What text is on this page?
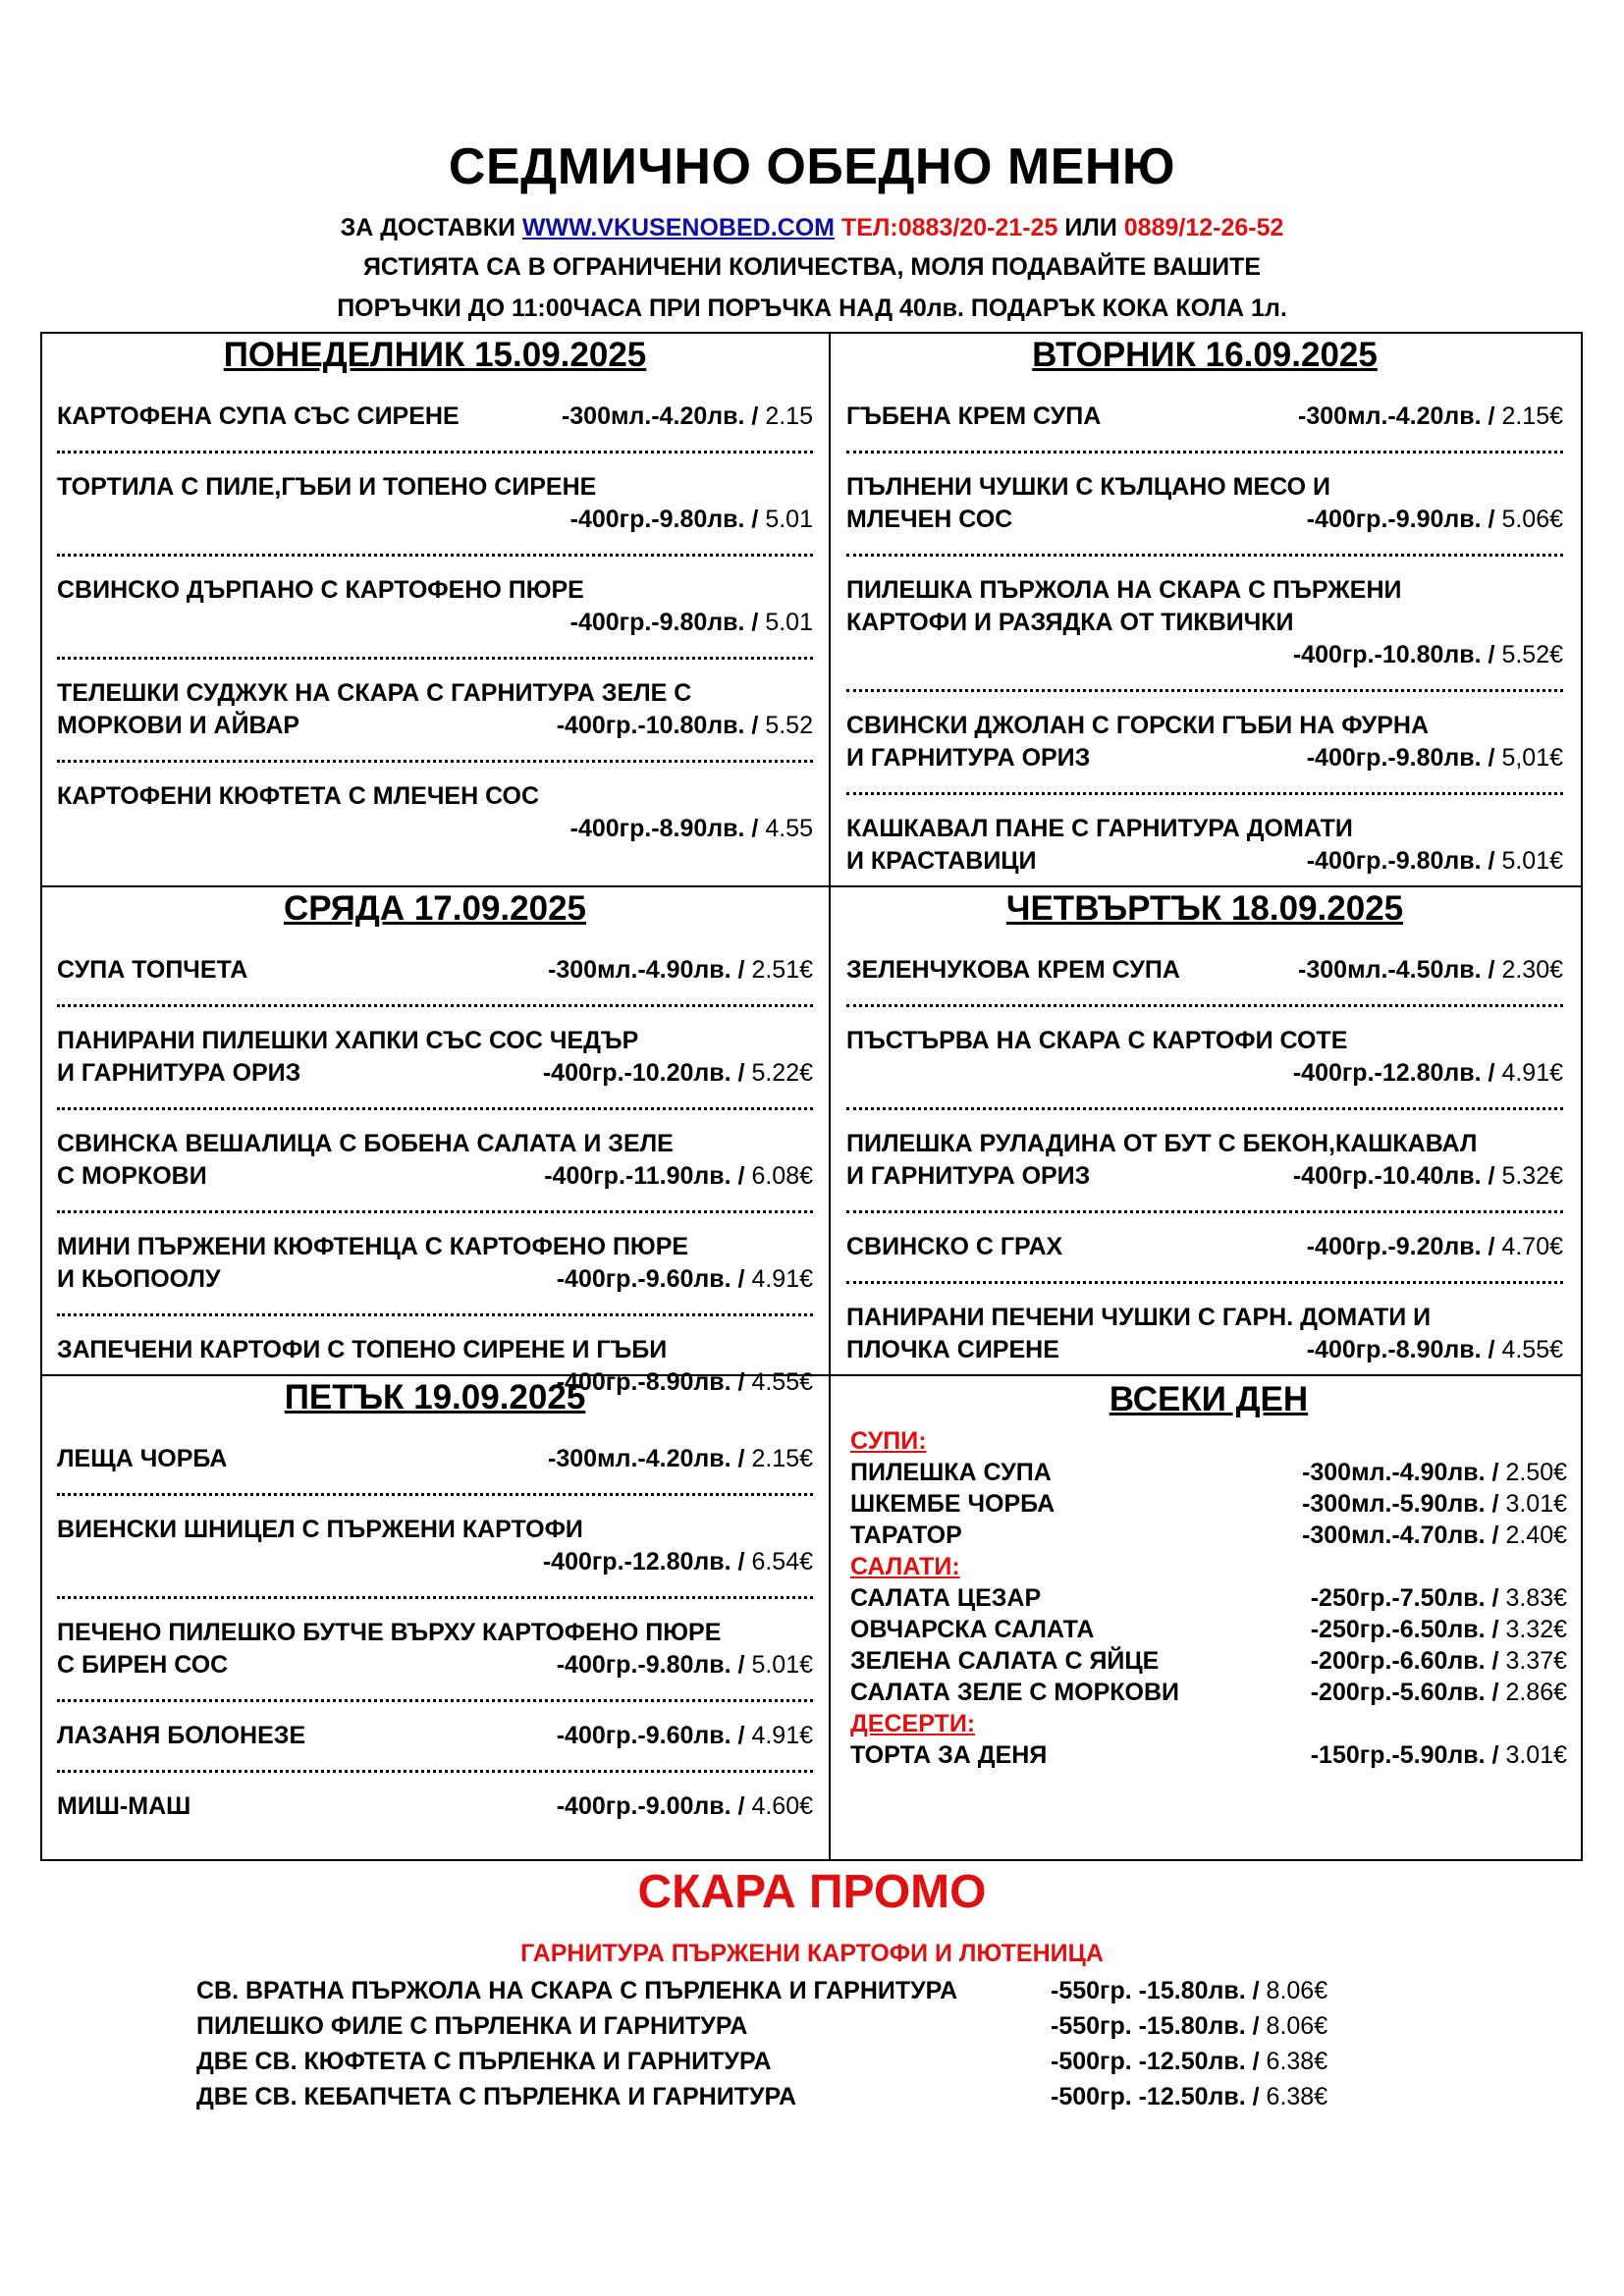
СЕДМИЧНО ОБЕДНО МЕНЮ
ЗА ДОСТАВКИ WWW.VKUSENOBED.COM ТЕЛ:0883/20-21-25 ИЛИ 0889/12-26-52
ЯСТИЯТА СА В ОГРАНИЧЕНИ КОЛИЧЕСТВА, МОЛЯ ПОДАВАЙТЕ ВАШИТЕ
ПОРЪЧКИ ДО 11:00ЧАСА ПРИ ПОРЪЧКА НАД 40лв. ПОДАРЪК КОКА КОЛА 1л.
ПОНЕДЕЛНИК 15.09.2025
КАРТОФЕНА СУПА СЪС СИРЕНЕ	-300мл.-4.20лв. / 2.15
ТОРТИЛА С ПИЛЕ,ГЪБИ И ТОПЕНО СИРЕНЕ
-400гр.-9.80лв. / 5.01
СВИНСКО ДЪРПАНО С КАРТОФЕНО ПЮРЕ
-400гр.-9.80лв. / 5.01
ТЕЛЕШКИ СУДЖУК НА СКАРА С ГАРНИТУРА ЗЕЛЕ С
МОРКОВИ И АЙВАР	-400гр.-10.80лв. / 5.52
КАРТОФЕНИ КЮФТЕТА С МЛЕЧЕН СОС
-400гр.-8.90лв. / 4.55
ВТОРНИК 16.09.2025
ГЪБЕНА КРЕМ СУПА	-300мл.-4.20лв. / 2.15€
ПЪЛНЕНИ ЧУШКИ С КЪЛЦАНО МЕСО И
МЛЕЧЕН СОС	-400гр.-9.90лв. / 5.06€
ПИЛЕШКА ПЪРЖОЛА НА СКАРА С ПЪРЖЕНИ
КАРТОФИ И РАЗЯДКА ОТ ТИКВИЧКИ
-400гр.-10.80лв. / 5.52€
СВИНСКИ ДЖОЛАН С ГОРСКИ ГЪБИ НА ФУРНА
И ГАРНИТУРА ОРИЗ	-400гр.-9.80лв. / 5,01€
КАШКАВАЛ ПАНЕ С ГАРНИТУРА ДОМАТИ
И КРАСТАВИЦИ	-400гр.-9.80лв. / 5.01€
СРЯДА 17.09.2025
СУПА ТОПЧЕТА	-300мл.-4.90лв. / 2.51€
ПАНИРАНИ ПИЛЕШКИ ХАПКИ СЪС СОС ЧЕДЪР
И ГАРНИТУРА ОРИЗ	-400гр.-10.20лв. / 5.22€
СВИНСКА ВЕШАЛИЦА С БОБЕНА САЛАТА И ЗЕЛЕ
С МОРКОВИ	-400гр.-11.90лв. / 6.08€
МИНИ ПЪРЖЕНИ КЮФТЕНЦА С КАРТОФЕНО ПЮРЕ
И КЬОПООЛУ	-400гр.-9.60лв. / 4.91€
ЗАПЕЧЕНИ КАРТОФИ С ТОПЕНО СИРЕНЕ И ГЪБИ
-400гр.-8.90лв. / 4.55€
ЧЕТВЪРТЪК 18.09.2025
ЗЕЛЕНЧУКОВА КРЕМ СУПА	-300мл.-4.50лв. / 2.30€
ПЪСТЪРВА НА СКАРА С КАРТОФИ СОТЕ
-400гр.-12.80лв. / 4.91€
ПИЛЕШКА РУЛАДИНА ОТ БУТ С БЕКОН,КАШКАВАЛ
И ГАРНИТУРА ОРИЗ	-400гр.-10.40лв. / 5.32€
СВИНСКО С ГРАХ	-400гр.-9.20лв. / 4.70€
ПАНИРАНИ ПЕЧЕНИ ЧУШКИ С ГАРН. ДОМАТИ И
ПЛОЧКА СИРЕНЕ	-400гр.-8.90лв. / 4.55€
ПЕТЪК 19.09.2025
ЛЕЩА ЧОРБА	-300мл.-4.20лв. / 2.15€
ВИЕНСКИ ШНИЦЕЛ С ПЪРЖЕНИ КАРТОФИ
-400гр.-12.80лв. / 6.54€
ПЕЧЕНО ПИЛЕШКО БУТЧЕ ВЪРХУ КАРТОФЕНО ПЮРЕ
С БИРЕН СОС	-400гр.-9.80лв. / 5.01€
ЛАЗАНЯ БОЛОНЕЗЕ	-400гр.-9.60лв. / 4.91€
МИШ-МАШ	-400гр.-9.00лв. / 4.60€
ВСЕКИ ДЕН
СУПИ:
ПИЛЕШКА СУПА	-300мл.-4.90лв. / 2.50€
ШКЕМБЕ ЧОРБА	-300мл.-5.90лв. / 3.01€
ТАРАТОР	-300мл.-4.70лв. / 2.40€
САЛАТИ:
САЛАТА ЦЕЗАР	-250гр.-7.50лв. / 3.83€
ОВЧАРСКА САЛАТА	-250гр.-6.50лв. / 3.32€
ЗЕЛЕНА САЛАТА С ЯЙЦЕ	-200гр.-6.60лв. / 3.37€
САЛАТА ЗЕЛЕ С МОРКОВИ	-200гр.-5.60лв. / 2.86€
ДЕСЕРТИ:
ТОРТА ЗА ДЕНЯ	-150гр.-5.90лв. / 3.01€
СКАРА ПРОМО
ГАРНИТУРА ПЪРЖЕНИ КАРТОФИ И ЛЮТЕНИЦА
СВ. ВРАТНА ПЪРЖОЛА НА СКАРА С ПЪРЛЕНКА И ГАРНИТУРА	-550гр. -15.80лв. / 8.06€
ПИЛЕШКО ФИЛЕ С ПЪРЛЕНКА И ГАРНИТУРА	-550гр. -15.80лв. / 8.06€
ДВЕ СВ. КЮФТЕТА С ПЪРЛЕНКА И ГАРНИТУРА	-500гр. -12.50лв. / 6.38€
ДВЕ СВ. КЕБАПЧЕТА С ПЪРЛЕНКА И ГАРНИТУРА	-500гр. -12.50лв. / 6.38€
